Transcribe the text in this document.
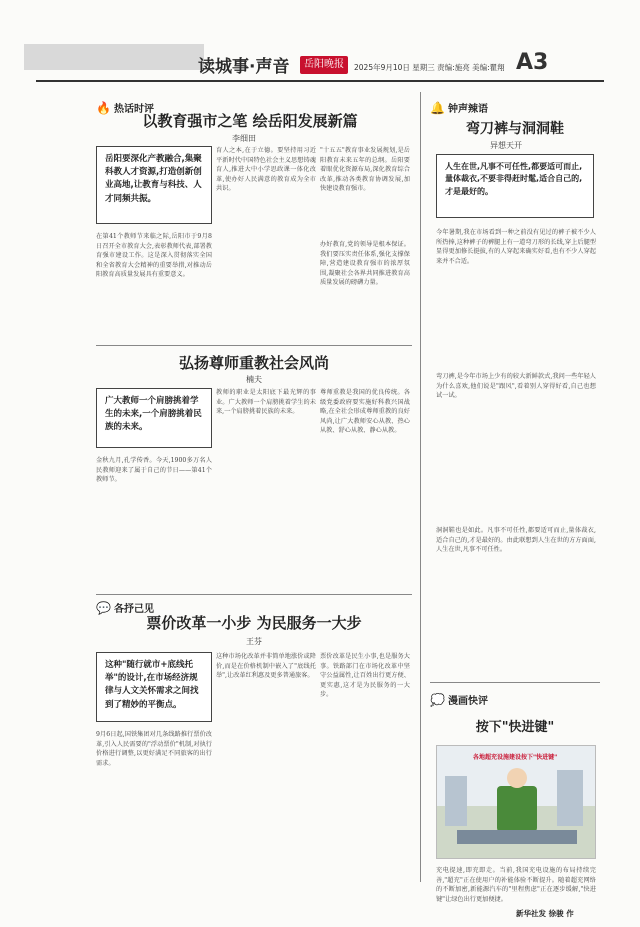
读城事·声音	岳阳晚报	2025年9月10日 星期三 责编:施亮 美编:瞿翔 A3
🔥 热话时评
以教育强市之笔 绘岳阳发展新篇
李细田
岳阳要深化产教融合,集聚科教人才资源,打造创新创业高地,让教育与科技、人才同频共振。
在第41个教师节来临之际,岳阳市于9月8日召开全市教育大会,表彰教师代表,部署教育强市建设工作。这是深入贯彻落实全国和全省教育大会精神的重要举措,对推动岳阳教育高质量发展具有重要意义。
育人之本,在于立德。要坚持用习近平新时代中国特色社会主义思想铸魂育人,推进大中小学思政课一体化改革,使办好人民满意的教育成为全市共识。
"十五五"教育事业发展规划,是岳阳教育未来五年的总纲。岳阳要着眼优化资源布局,深化教育综合改革,推动各类教育协调发展,加快建设教育强市。
办好教育,党的领导是根本保证。我们要压实责任体系,强化支撑保障,营造建设教育强市的浓厚氛围,凝聚社会各界共同推进教育高质量发展的磅礴力量。
弘扬尊师重教社会风尚
楠夫
广大教师一个肩膀挑着学生的未来,一个肩膀挑着民族的未来。
金秋九月,孔学传香。今天,1900多万名人民教师迎来了属于自己的节日——第41个教师节。
教师的职业是太阳底下最光辉的事业。广大教师一个肩膀挑着学生的未来,一个肩膀挑着民族的未来。
尊师重教是我国的优良传统。各级党委政府要实施好科教兴国战略,在全社会形成尊师重教的良好风尚,让广大教师安心从教、热心从教、舒心从教、静心从教。
💬 各抒己见
票价改革一小步 为民服务一大步
王芬
这种"随行就市+底线托举"的设计,在市场经济规律与人文关怀需求之间找到了精妙的平衡点。
9月6日起,国铁集团对几条线路推行票价改革,引入人民需要的"浮动票价"机制,对执行价格进行调整,以更好满足不同旅客的出行需求。
这种市场化改革并非简单地涨价或降价,而是在价格机制中嵌入了"底线托举",让改革红利惠及更多普通旅客。
票价改革是民生小事,也是服务大事。铁路部门在市场化改革中坚守公益属性,让百姓出行更方便、更实惠,这才是为民服务的一大步。
🔔 钟声辣语
弯刀裤与洞洞鞋
异想天开
人生在世,凡事不可任性,都要适可而止,量体裁衣,不要非得赶时髦,适合自己的,才是最好的。
今年暑期,我在市场看到一种之前没有见过的裤子被不少人所热捧,这种裤子的裤腿上有一道弯刀形的长线,穿上后腿型显得更加修长挺拔,有的人穿起来确实好看,也有不少人穿起来并不合适。
弯刀裤,是今年市场上少有的较大新鲜款式,我问一些年轻人为什么喜欢,他们说是"跟风",看着别人穿得好看,自己也想试一试。
洞洞鞋也是如此。凡事不可任性,都要适可而止,量体裁衣,适合自己的,才是最好的。由此联想到人生在世的方方面面,人生在世,凡事不可任性。
💭 漫画快评
按下"快进键"
各地超充设施建设按下"快进键"
充电提速,即充即走。当前,我国充电设施的布局持续完善,"超充"正在使用户的补能体验不断提升。随着超充网络的不断加密,新能源汽车的"里程焦虑"正在逐步缓解,"快进键"让绿色出行更加便捷。
新华社发 徐骏 作
